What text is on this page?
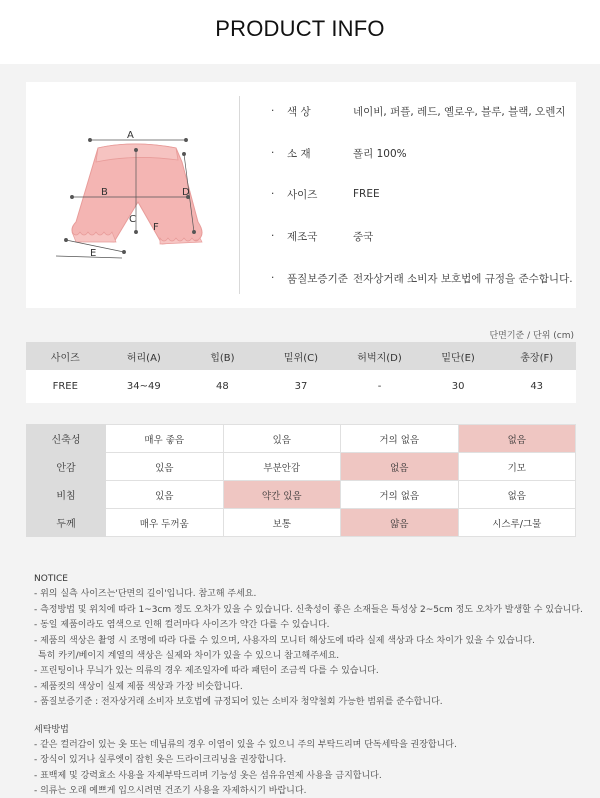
PRODUCT INFO
A
B
C
D
E
F
·	색 상	네이비, 퍼플, 레드, 옐로우, 블루, 블랙, 오렌지
·	소 재	폴리 100%
·	사이즈	FREE
·	제조국	중국
·	품질보증기준 전자상거래 소비자 보호법에 규정을 준수합니다.
단면기준 / 단위 (cm)
사이즈	허리(A)	힙(B)	밑위(C)	허벅지(D)	밑단(E)	총장(F)
FREE	34~49	48	37	-	30	43
신축성	매우 좋음	있음	거의 없음	없음
안감	있음	부분안감	없음	기모
비침	있음	약간 있음	거의 없음	없음
두께	매우 두꺼움	보통	얇음	시스루/그물
NOTICE

- 위의 실측 사이즈는'단면의 길이'입니다. 참고해 주세요.

- 측정방법 및 위치에 따라 1~3cm 정도 오차가 있을 수 있습니다. 신축성이 좋은 소재들은 특성상 2~5cm 정도 오차가 발생할 수 있습니다.

- 동일 제품이라도 염색으로 인해 컬러마다 사이즈가 약간 다를 수 있습니다.

- 제품의 색상은 촬영 시 조명에 따라 다를 수 있으며, 사용자의 모니터 해상도에 따라 실제 색상과 다소 차이가 있을 수 있습니다.

특히 카키/베이지 계열의 색상은 실제와 차이가 있을 수 있으니 참고해주세요.

- 프린팅이나 무늬가 있는 의류의 경우 제조일자에 따라 패턴이 조금씩 다를 수 있습니다.

- 제품컷의 색상이 실제 제품 색상과 가장 비슷합니다.

- 품질보증기준 : 전자상거래 소비자 보호법에 규정되어 있는 소비자 청약철회 가능한 범위를 준수합니다.

세탁방법

- 같은 컬러감이 있는 옷 또는 데님류의 경우 이염이 있을 수 있으니 주의 부탁드리며 단독세탁을 권장합니다.

- 장식이 있거나 실루엣이 잡힌 옷은 드라이크리닝을 권장합니다.

- 표백제 및 강력효소 사용을 자제부탁드리며 기능성 옷은 섬유유연제 사용을 금지합니다.

- 의류는 오래 예쁘게 입으시려면 건조기 사용을 자제하시기 바랍니다.
